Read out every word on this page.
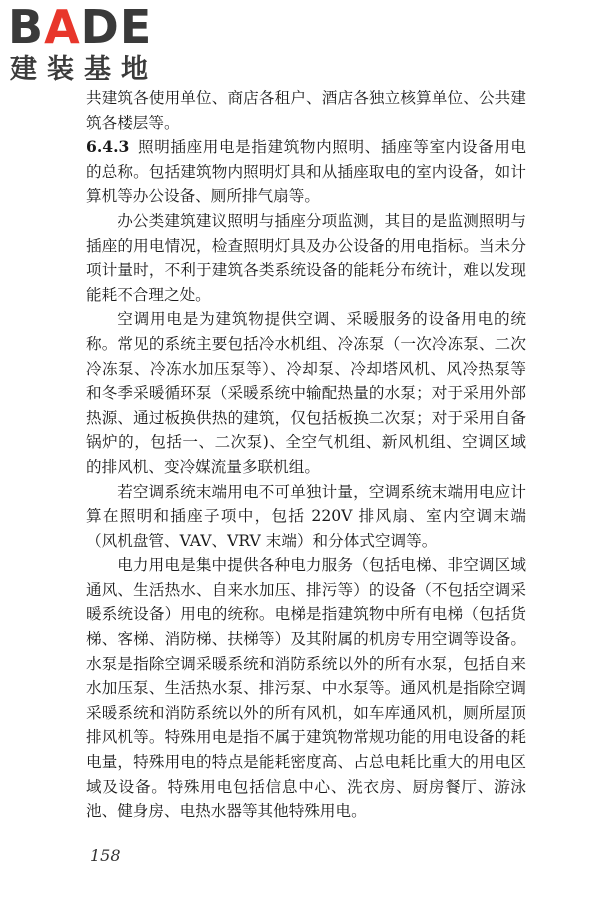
BADE
建装基地

共建筑各使用单位、商店各租户、酒店各独立核算单位、公共建筑各楼层等。

6.4.3 照明插座用电是指建筑物内照明、插座等室内设备用电的总称。包括建筑物内照明灯具和从插座取电的室内设备，如计算机等办公设备、厕所排气扇等。

办公类建筑建议照明与插座分项监测，其目的是监测照明与插座的用电情况，检查照明灯具及办公设备的用电指标。当未分项计量时，不利于建筑各类系统设备的能耗分布统计，难以发现能耗不合理之处。

空调用电是为建筑物提供空调、采暖服务的设备用电的统称。常见的系统主要包括冷水机组、冷冻泵（一次冷冻泵、二次冷冻泵、冷冻水加压泵等）、冷却泵、冷却塔风机、风冷热泵等和冬季采暖循环泵（采暖系统中输配热量的水泵；对于采用外部热源、通过板换供热的建筑，仅包括板换二次泵；对于采用自备锅炉的，包括一、二次泵)、全空气机组、新风机组、空调区域的排风机、变冷媒流量多联机组。

若空调系统末端用电不可单独计量，空调系统末端用电应计算在照明和插座子项中，包括 220V 排风扇、室内空调末端（风机盘管、VAV、VRV 末端）和分体式空调等。

电力用电是集中提供各种电力服务（包括电梯、非空调区域通风、生活热水、自来水加压、排污等）的设备（不包括空调采暖系统设备）用电的统称。电梯是指建筑物中所有电梯（包括货梯、客梯、消防梯、扶梯等）及其附属的机房专用空调等设备。水泵是指除空调采暖系统和消防系统以外的所有水泵，包括自来水加压泵、生活热水泵、排污泵、中水泵等。通风机是指除空调采暖系统和消防系统以外的所有风机，如车库通风机，厕所屋顶排风机等。特殊用电是指不属于建筑物常规功能的用电设备的耗电量，特殊用电的特点是能耗密度高、占总电耗比重大的用电区域及设备。特殊用电包括信息中心、洗衣房、厨房餐厅、游泳池、健身房、电热水器等其他特殊用电。

158
